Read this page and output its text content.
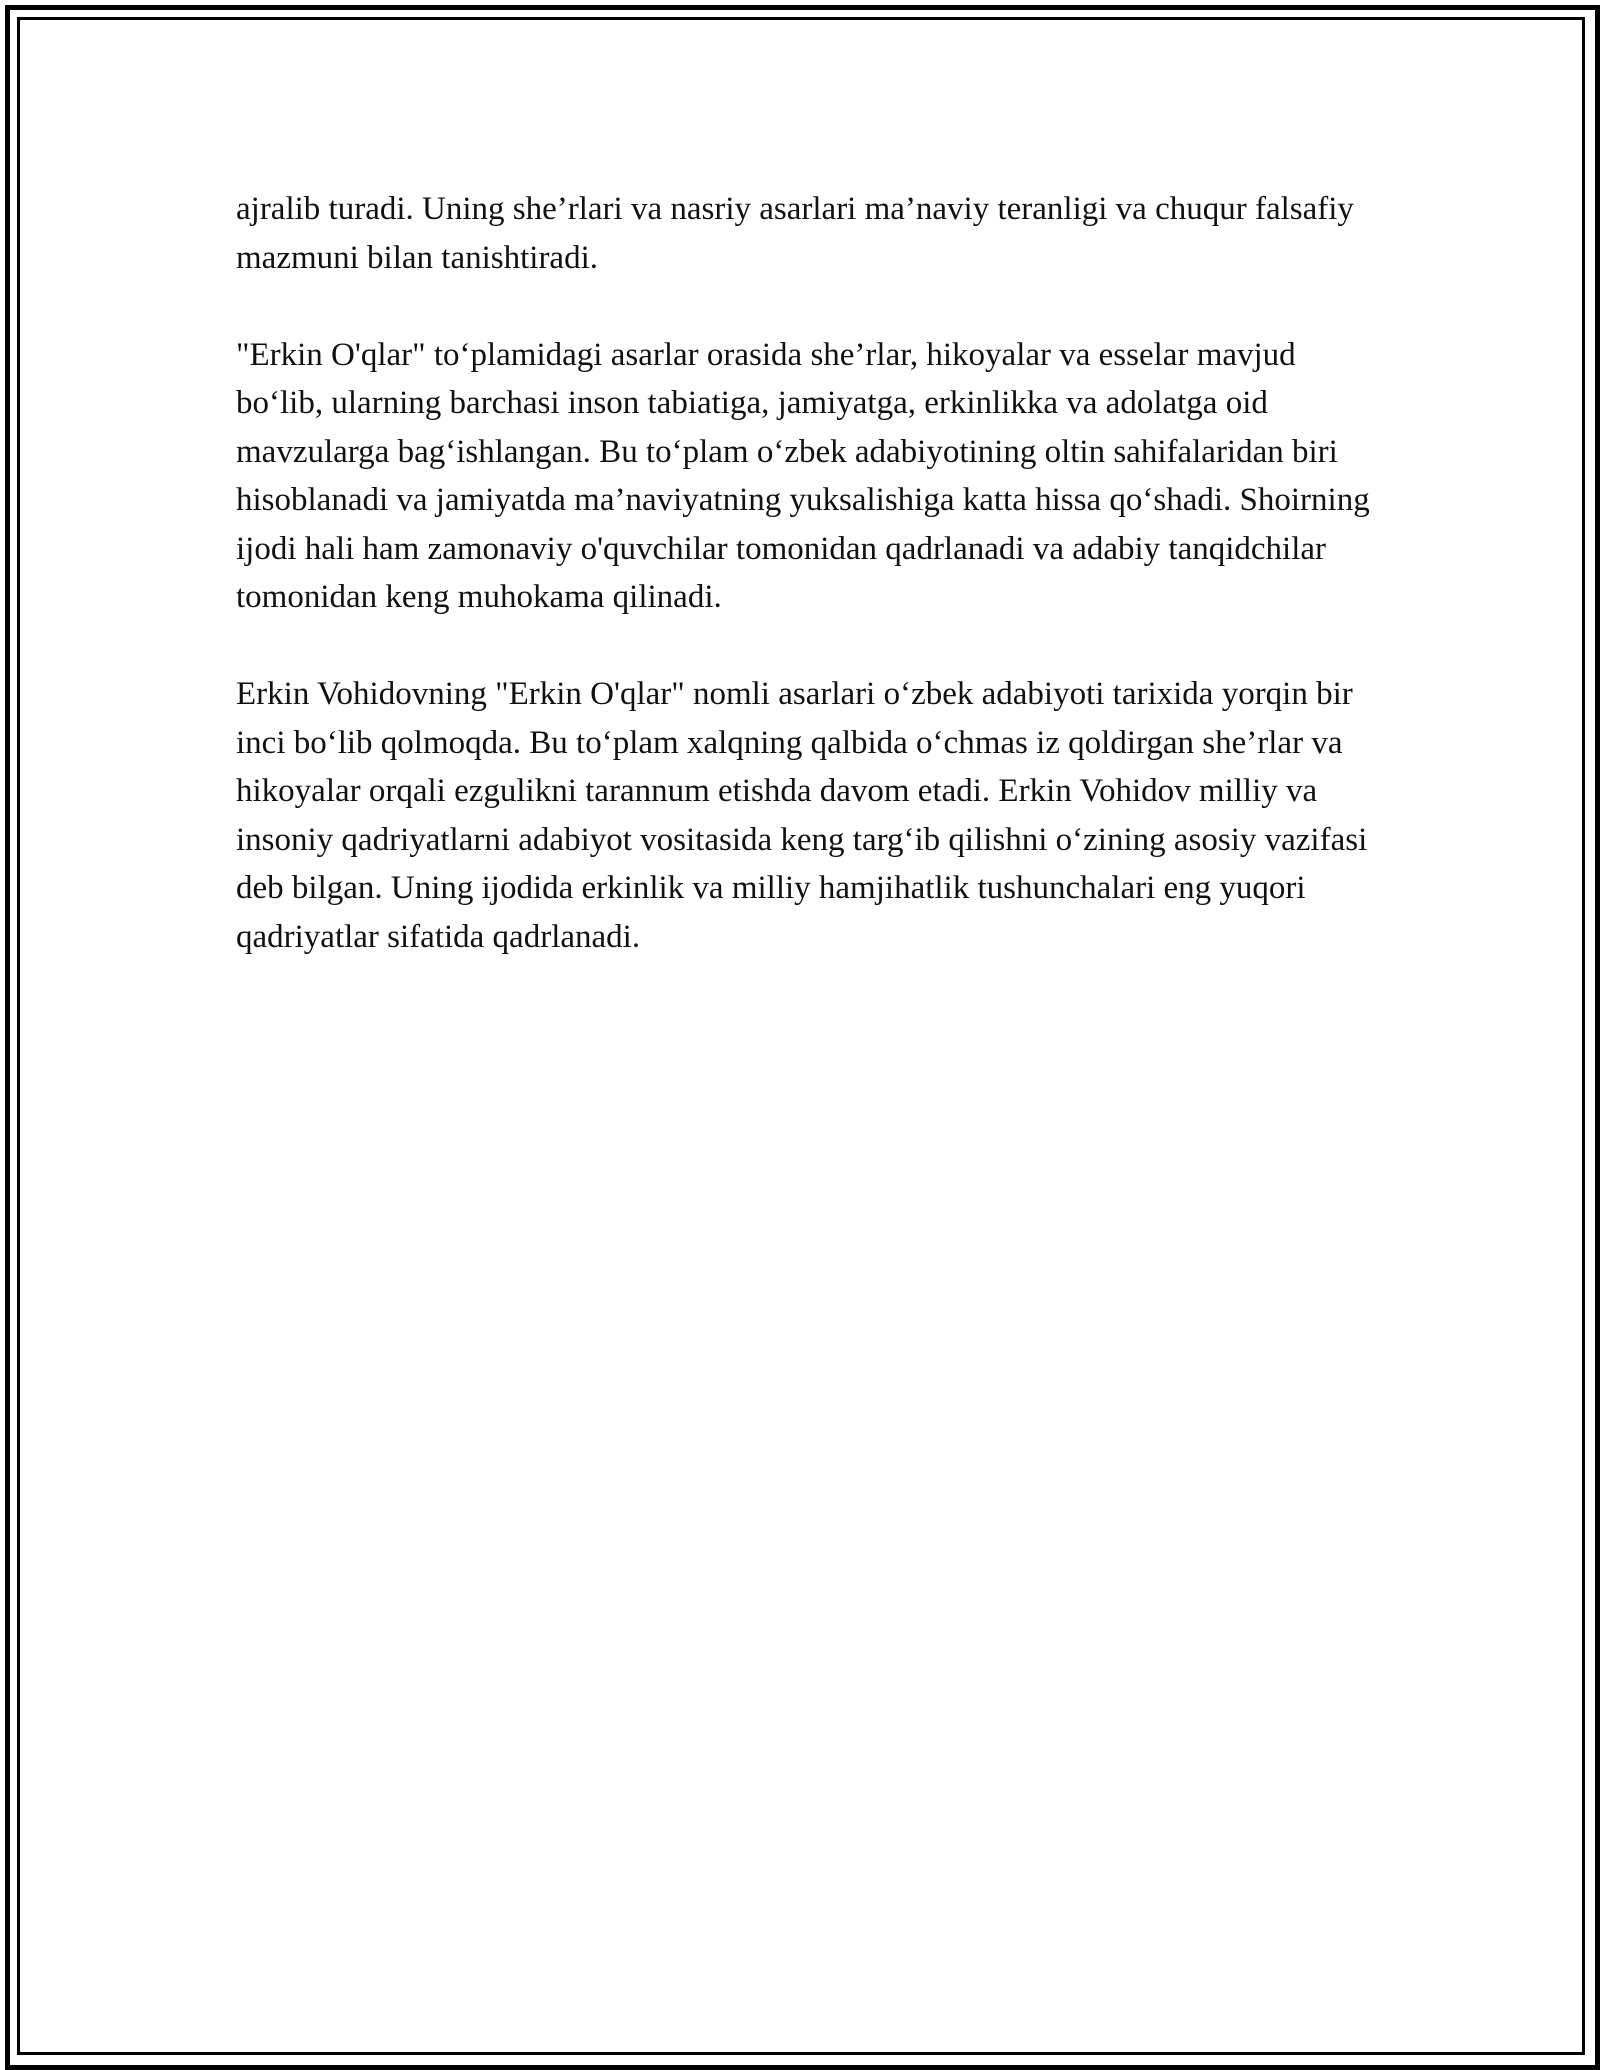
ajralib turadi. Uning she’rlari va nasriy asarlari ma’naviy teranligi va chuqur falsafiy mazmuni bilan tanishtiradi.

"Erkin O'qlar" to‘plamidagi asarlar orasida she’rlar, hikoyalar va esselar mavjud bo‘lib, ularning barchasi inson tabiatiga, jamiyatga, erkinlikka va adolatga oid mavzularga bag‘ishlangan. Bu to‘plam o‘zbek adabiyotining oltin sahifalaridan biri hisoblanadi va jamiyatda ma’naviyatning yuksalishiga katta hissa qo‘shadi. Shoirning ijodi hali ham zamonaviy o'quvchilar tomonidan qadrlanadi va adabiy tanqidchilar tomonidan keng muhokama qilinadi.

Erkin Vohidovning "Erkin O'qlar" nomli asarlari o‘zbek adabiyoti tarixida yorqin bir inci bo‘lib qolmoqda. Bu to‘plam xalqning qalbida o‘chmas iz qoldirgan she’rlar va hikoyalar orqali ezgulikni tarannum etishda davom etadi. Erkin Vohidov milliy va insoniy qadriyatlarni adabiyot vositasida keng targ‘ib qilishni o‘zining asosiy vazifasi deb bilgan. Uning ijodida erkinlik va milliy hamjihatlik tushunchalari eng yuqori qadriyatlar sifatida qadrlanadi.
